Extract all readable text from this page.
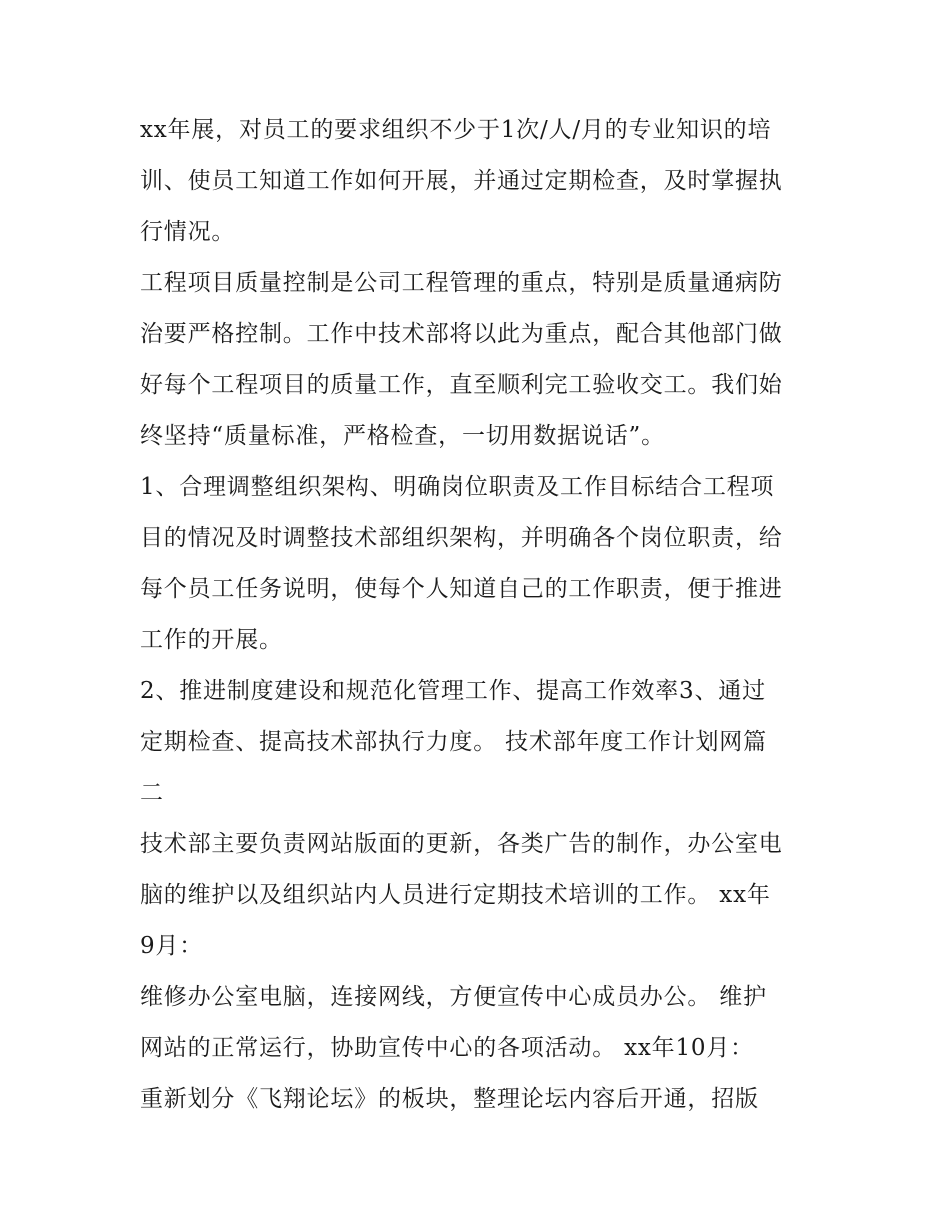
xx年展，对员工的要求组织不少于1次/人/月的专业知识的培
训、使员工知道工作如何开展，并通过定期检查，及时掌握执
行情况。
工程项目质量控制是公司工程管理的重点，特别是质量通病防
治要严格控制。工作中技术部将以此为重点，配合其他部门做
好每个工程项目的质量工作，直至顺利完工验收交工。我们始
终坚持“质量标准，严格检查，一切用数据说话”。
1、合理调整组织架构、明确岗位职责及工作目标结合工程项
目的情况及时调整技术部组织架构，并明确各个岗位职责，给
每个员工任务说明，使每个人知道自己的工作职责，便于推进
工作的开展。
2、推进制度建设和规范化管理工作、提高工作效率3、通过
定期检查、提高技术部执行力度。 技术部年度工作计划网篇
二
技术部主要负责网站版面的更新，各类广告的制作，办公室电
脑的维护以及组织站内人员进行定期技术培训的工作。 xx年
9月：
维修办公室电脑，连接网线，方便宣传中心成员办公。 维护
网站的正常运行，协助宣传中心的各项活动。 xx年10月：
重新划分《飞翔论坛》的板块，整理论坛内容后开通，招版
